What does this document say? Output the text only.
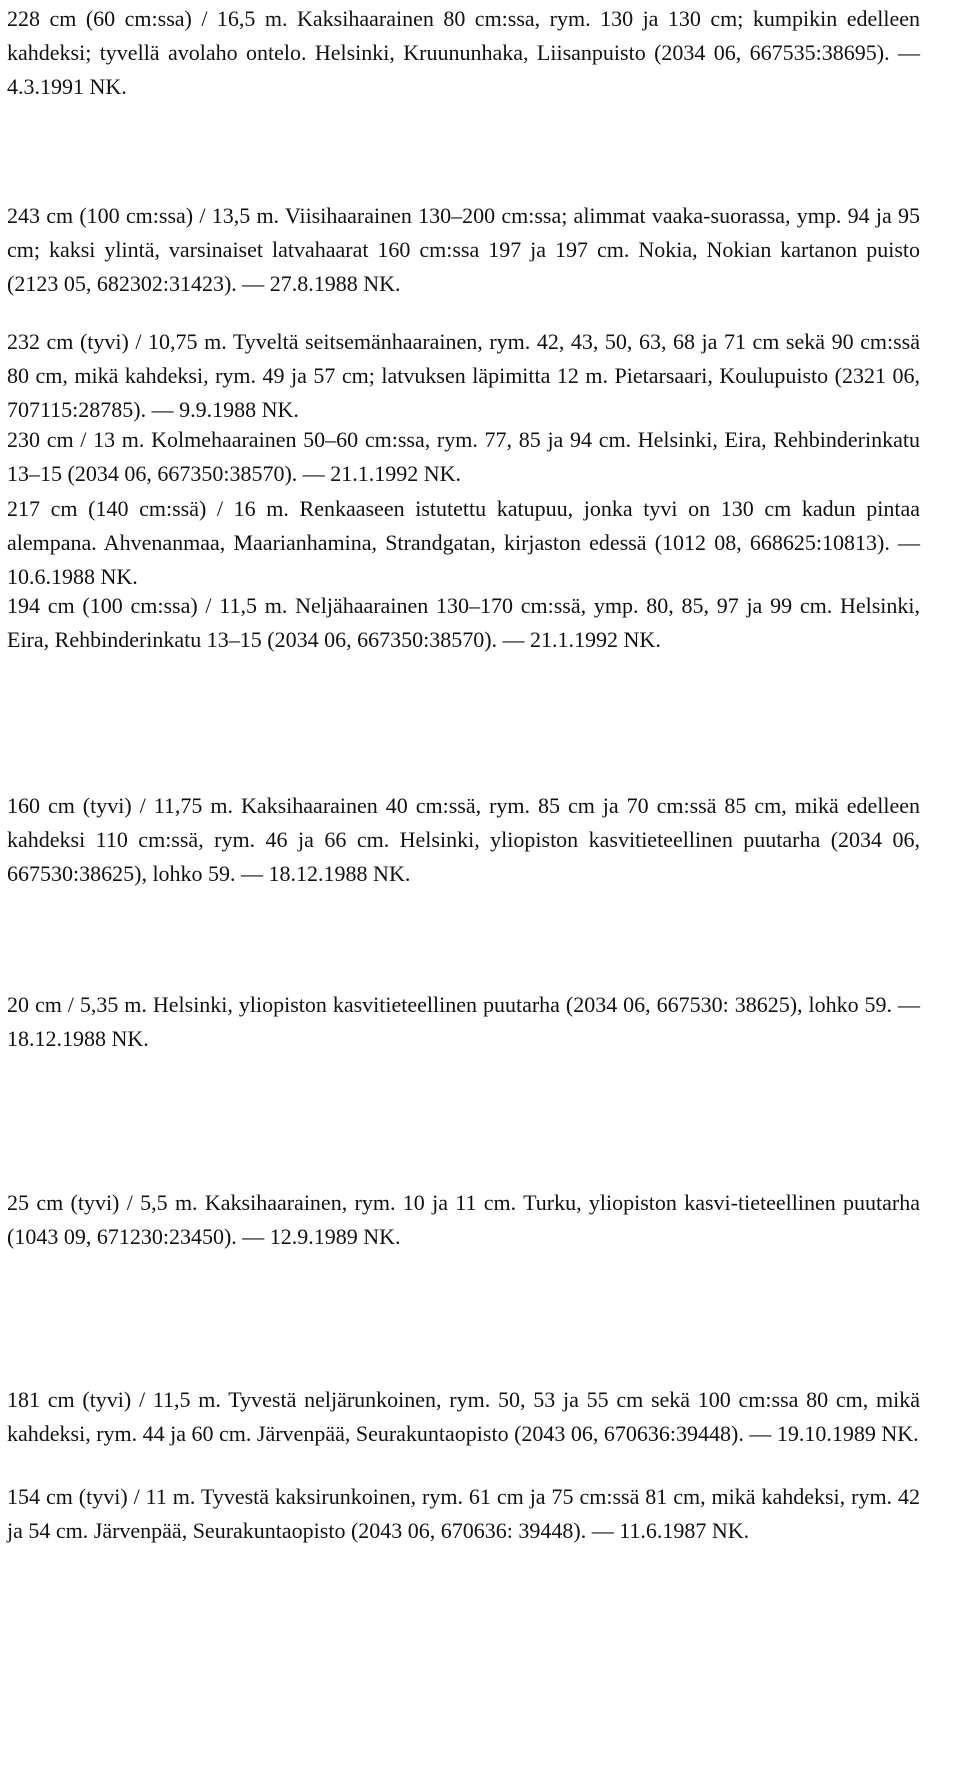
228 cm (60 cm:ssa) / 16,5 m. Kaksihaarainen 80 cm:ssa, rym. 130 ja 130 cm; kumpikin edelleen kahdeksi; tyvellä avolaho ontelo. Helsinki, Kruununhaka, Liisanpuisto (2034 06, 667535:38695). — 4.3.1991 NK.

243 cm (100 cm:ssa) / 13,5 m. Viisihaarainen 130–200 cm:ssa; alimmat vaaka-suorassa, ymp. 94 ja 95 cm; kaksi ylintä, varsinaiset latvahaarat 160 cm:ssa 197 ja 197 cm. Nokia, Nokian kartanon puisto (2123 05, 682302:31423). — 27.8.1988 NK.

232 cm (tyvi) / 10,75 m. Tyveltä seitsemänhaarainen, rym. 42, 43, 50, 63, 68 ja 71 cm sekä 90 cm:ssä 80 cm, mikä kahdeksi, rym. 49 ja 57 cm; latvuksen läpimitta 12 m. Pietarsaari, Koulupuisto (2321 06, 707115:28785). — 9.9.1988 NK.

230 cm / 13 m. Kolmehaarainen 50–60 cm:ssa, rym. 77, 85 ja 94 cm. Helsinki, Eira, Rehbinderinkatu 13–15 (2034 06, 667350:38570). — 21.1.1992 NK.

217 cm (140 cm:ssä) / 16 m. Renkaaseen istutettu katupuu, jonka tyvi on 130 cm kadun pintaa alempana. Ahvenanmaa, Maarianhamina, Strandgatan, kirjaston edessä (1012 08, 668625:10813). — 10.6.1988 NK.

194 cm (100 cm:ssa) / 11,5 m. Neljähaarainen 130–170 cm:ssä, ymp. 80, 85, 97 ja 99 cm. Helsinki, Eira, Rehbinderinkatu 13–15 (2034 06, 667350:38570). — 21.1.1992 NK.

160 cm (tyvi) / 11,75 m. Kaksihaarainen 40 cm:ssä, rym. 85 cm ja 70 cm:ssä 85 cm, mikä edelleen kahdeksi 110 cm:ssä, rym. 46 ja 66 cm. Helsinki, yliopiston kasvitieteellinen puutarha (2034 06, 667530:38625), lohko 59. — 18.12.1988 NK.

20 cm / 5,35 m. Helsinki, yliopiston kasvitieteellinen puutarha (2034 06, 667530: 38625), lohko 59. — 18.12.1988 NK.

25 cm (tyvi) / 5,5 m. Kaksihaarainen, rym. 10 ja 11 cm. Turku, yliopiston kasvi-tieteellinen puutarha (1043 09, 671230:23450). — 12.9.1989 NK.

181 cm (tyvi) / 11,5 m. Tyvestä neljärunkoinen, rym. 50, 53 ja 55 cm sekä 100 cm:ssa 80 cm, mikä kahdeksi, rym. 44 ja 60 cm. Järvenpää, Seurakuntaopisto (2043 06, 670636:39448). — 19.10.1989 NK.

154 cm (tyvi) / 11 m. Tyvestä kaksirunkoinen, rym. 61 cm ja 75 cm:ssä 81 cm, mikä kahdeksi, rym. 42 ja 54 cm. Järvenpää, Seurakuntaopisto (2043 06, 670636: 39448). — 11.6.1987 NK.
